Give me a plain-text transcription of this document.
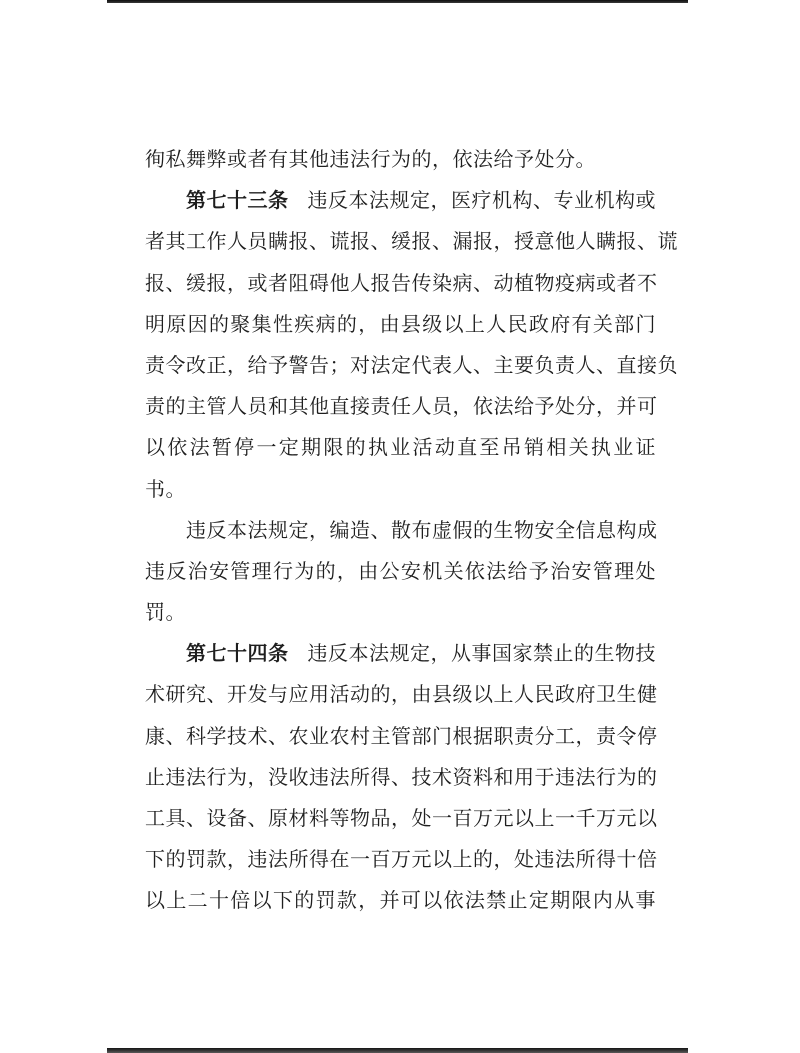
徇私舞弊或者有其他违法行为的，依法给予处分。
第七十三条 违反本法规定，医疗机构、专业机构或
者其工作人员瞒报、谎报、缓报、漏报，授意他人瞒报、谎
报、缓报，或者阻碍他人报告传染病、动植物疫病或者不
明原因的聚集性疾病的，由县级以上人民政府有关部门
责令改正，给予警告；对法定代表人、主要负责人、直接负
责的主管人员和其他直接责任人员，依法给予处分，并可
以依法暂停一定期限的执业活动直至吊销相关执业证
书。
违反本法规定，编造、散布虚假的生物安全信息构成
违反治安管理行为的，由公安机关依法给予治安管理处
罚。
第七十四条 违反本法规定，从事国家禁止的生物技
术研究、开发与应用活动的，由县级以上人民政府卫生健
康、科学技术、农业农村主管部门根据职责分工，责令停
止违法行为，没收违法所得、技术资料和用于违法行为的
工具、设备、原材料等物品，处一百万元以上一千万元以
下的罚款，违法所得在一百万元以上的，处违法所得十倍
以上二十倍以下的罚款，并可以依法禁止定期限内从事
